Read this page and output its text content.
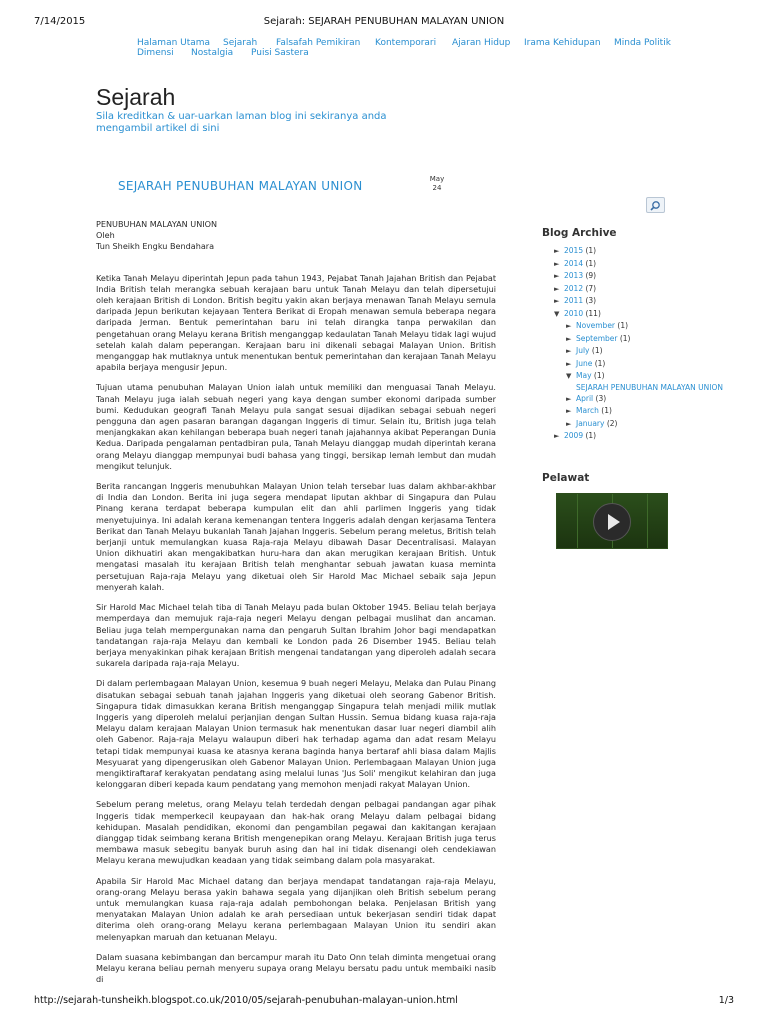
7/14/2015	Sejarah: SEJARAH PENUBUHAN MALAYAN UNION
Halaman Utama Sejarah Falsafah Pemikiran Kontemporari Ajaran Hidup Irama Kehidupan Minda Politik
Dimensi Nostalgia Puisi Sastera
Sejarah
Sila kreditkan & uar-uarkan laman blog ini sekiranya anda mengambil artikel di sini
SEJARAH PENUBUHAN MALAYAN UNION	May
24
PENUBUHAN MALAYAN UNION
Oleh
Tun Sheikh Engku Bendahara

Ketika Tanah Melayu diperintah Jepun pada tahun 1943, Pejabat Tanah Jajahan British dan Pejabat India British telah merangka sebuah kerajaan baru untuk Tanah Melayu dan telah dipersetujui oleh kerajaan British di London. British begitu yakin akan berjaya menawan Tanah Melayu semula daripada Jepun berikutan kejayaan Tentera Berikat di Eropah menawan semula beberapa negara daripada Jerman. Bentuk pemerintahan baru ini telah dirangka tanpa perwakilan dan pengetahuan orang Melayu kerana British menganggap kedaulatan Tanah Melayu tidak lagi wujud setelah kalah dalam peperangan. Kerajaan baru ini dikenali sebagai Malayan Union. British menganggap hak mutlaknya untuk menentukan bentuk pemerintahan dan kerajaan Tanah Melayu apabila berjaya mengusir Jepun.

Tujuan utama penubuhan Malayan Union ialah untuk memiliki dan menguasai Tanah Melayu. Tanah Melayu juga ialah sebuah negeri yang kaya dengan sumber ekonomi daripada sumber bumi. Kedudukan geografi Tanah Melayu pula sangat sesuai dijadikan sebagai sebuah negeri pengguna dan agen pasaran barangan dagangan Inggeris di timur. Selain itu, British juga telah menjangkakan akan kehilangan beberapa buah negeri tanah jajahannya akibat Peperangan Dunia Kedua. Daripada pengalaman pentadbiran pula, Tanah Melayu dianggap mudah diperintah kerana orang Melayu dianggap mempunyai budi bahasa yang tinggi, bersikap lemah lembut dan mudah mengikut telunjuk.

Berita rancangan Inggeris menubuhkan Malayan Union telah tersebar luas dalam akhbar-akhbar di India dan London. Berita ini juga segera mendapat liputan akhbar di Singapura dan Pulau Pinang kerana terdapat beberapa kumpulan elit dan ahli parlimen Inggeris yang tidak menyetujuinya. Ini adalah kerana kemenangan tentera Inggeris adalah dengan kerjasama Tentera Berikat dan Tanah Melayu bukanlah Tanah Jajahan Inggeris. Sebelum perang meletus, British telah berjanji untuk memulangkan kuasa Raja-raja Melayu dibawah Dasar Decentralisasi. Malayan Union dikhuatiri akan mengakibatkan huru-hara dan akan merugikan kerajaan British. Untuk mengatasi masalah itu kerajaan British telah menghantar sebuah jawatan kuasa meminta persetujuan Raja-raja Melayu yang diketuai oleh Sir Harold Mac Michael sebaik saja Jepun menyerah kalah.

Sir Harold Mac Michael telah tiba di Tanah Melayu pada bulan Oktober 1945. Beliau telah berjaya memperdaya dan memujuk raja-raja negeri Melayu dengan pelbagai muslihat dan ancaman. Beliau juga telah mempergunakan nama dan pengaruh Sultan Ibrahim Johor bagi mendapatkan tandatangan raja-raja Melayu dan kembali ke London pada 26 Disember 1945. Beliau telah berjaya menyakinkan pihak kerajaan British mengenai tandatangan yang diperoleh adalah secara sukarela daripada raja-raja Melayu.

Di dalam perlembagaan Malayan Union, kesemua 9 buah negeri Melayu, Melaka dan Pulau Pinang disatukan sebagai sebuah tanah jajahan Inggeris yang diketuai oleh seorang Gabenor British. Singapura tidak dimasukkan kerana British menganggap Singapura telah menjadi milik mutlak Inggeris yang diperoleh melalui perjanjian dengan Sultan Hussin. Semua bidang kuasa raja-raja Melayu dalam kerajaan Malayan Union termasuk hak menentukan dasar luar negeri diambil alih oleh Gabenor. Raja-raja Melayu walaupun diberi hak terhadap agama dan adat resam Melayu tetapi tidak mempunyai kuasa ke atasnya kerana baginda hanya bertaraf ahli biasa dalam Majlis Mesyuarat yang dipengerusikan oleh Gabenor Malayan Union. Perlembagaan Malayan Union juga mengiktiraftaraf kerakyatan pendatang asing melalui lunas 'Jus Soli' mengikut kelahiran dan juga kelonggaran diberi kepada kaum pendatang yang memohon menjadi rakyat Malayan Union.

Sebelum perang meletus, orang Melayu telah terdedah dengan pelbagai pandangan agar pihak Inggeris tidak memperkecil keupayaan dan hak-hak orang Melayu dalam pelbagai bidang kehidupan. Masalah pendidikan, ekonomi dan pengambilan pegawai dan kakitangan kerajaan dianggap tidak seimbang kerana British mengenepikan orang Melayu. Kerajaan British juga terus membawa masuk sebegitu banyak buruh asing dan hal ini tidak disenangi oleh cendekiawan Melayu kerana mewujudkan keadaan yang tidak seimbang dalam pola masyarakat.

Apabila Sir Harold Mac Michael datang dan berjaya mendapat tandatangan raja-raja Melayu, orang-orang Melayu berasa yakin bahawa segala yang dijanjikan oleh British sebelum perang untuk memulangkan kuasa raja-raja adalah pembohongan belaka. Penjelasan British yang menyatakan Malayan Union adalah ke arah persediaan untuk bekerjasan sendiri tidak dapat diterima oleh orang-orang Melayu kerana perlembagaan Malayan Union itu sendiri akan melenyapkan maruah dan ketuanan Melayu.

Dalam suasana kebimbangan dan bercampur marah itu Dato Onn telah diminta mengetuai orang Melayu kerana beliau pernah menyeru supaya orang Melayu bersatu padu untuk membaiki nasib di

Blog Archive
► 2015 (1)
► 2014 (1)
► 2013 (9)
► 2012 (7)
► 2011 (3)
▼ 2010 (11)
► November (1)
► September (1)
► July (1)
► June (1)
▼ May (1)
SEJARAH PENUBUHAN MALAYAN UNION
► April (3)
► March (1)
► January (2)
► 2009 (1)
Pelawat
http://sejarah-tunsheikh.blogspot.co.uk/2010/05/sejarah-penubuhan-malayan-union.html	1/3
